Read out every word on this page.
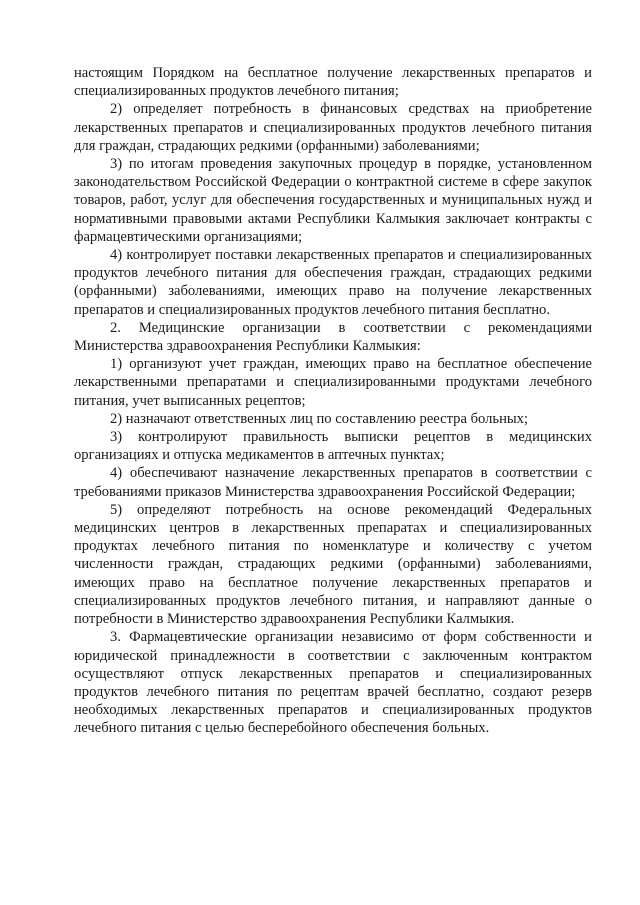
настоящим Порядком на бесплатное получение лекарственных препаратов и специализированных продуктов лечебного питания;

2) определяет потребность в финансовых средствах на приобретение лекарственных препаратов и специализированных продуктов лечебного питания для граждан, страдающих редкими (орфанными) заболеваниями;

3) по итогам проведения закупочных процедур в порядке, установленном законодательством Российской Федерации о контрактной системе в сфере закупок товаров, работ, услуг для обеспечения государственных и муниципальных нужд и нормативными правовыми актами Республики Калмыкия заключает контракты с фармацевтическими организациями;

4) контролирует поставки лекарственных препаратов и специализированных продуктов лечебного питания для обеспечения граждан, страдающих редкими (орфанными) заболеваниями, имеющих право на получение лекарственных препаратов и специализированных продуктов лечебного питания бесплатно.

2. Медицинские организации в соответствии с рекомендациями Министерства здравоохранения Республики Калмыкия:

1) организуют учет граждан, имеющих право на бесплатное обеспечение лекарственными препаратами и специализированными продуктами лечебного питания, учет выписанных рецептов;

2) назначают ответственных лиц по составлению реестра больных;

3) контролируют правильность выписки рецептов в медицинских организациях и отпуска медикаментов в аптечных пунктах;

4) обеспечивают назначение лекарственных препаратов в соответствии с требованиями приказов Министерства здравоохранения Российской Федерации;

5) определяют потребность на основе рекомендаций Федеральных медицинских центров в лекарственных препаратах и специализированных продуктах лечебного питания по номенклатуре и количеству с учетом численности граждан, страдающих редкими (орфанными) заболеваниями, имеющих право на бесплатное получение лекарственных препаратов и специализированных продуктов лечебного питания, и направляют данные о потребности в Министерство здравоохранения Республики Калмыкия.

3. Фармацевтические организации независимо от форм собственности и юридической принадлежности в соответствии с заключенным контрактом осуществляют отпуск лекарственных препаратов и специализированных продуктов лечебного питания по рецептам врачей бесплатно, создают резерв необходимых лекарственных препаратов и специализированных продуктов лечебного питания с целью бесперебойного обеспечения больных.
